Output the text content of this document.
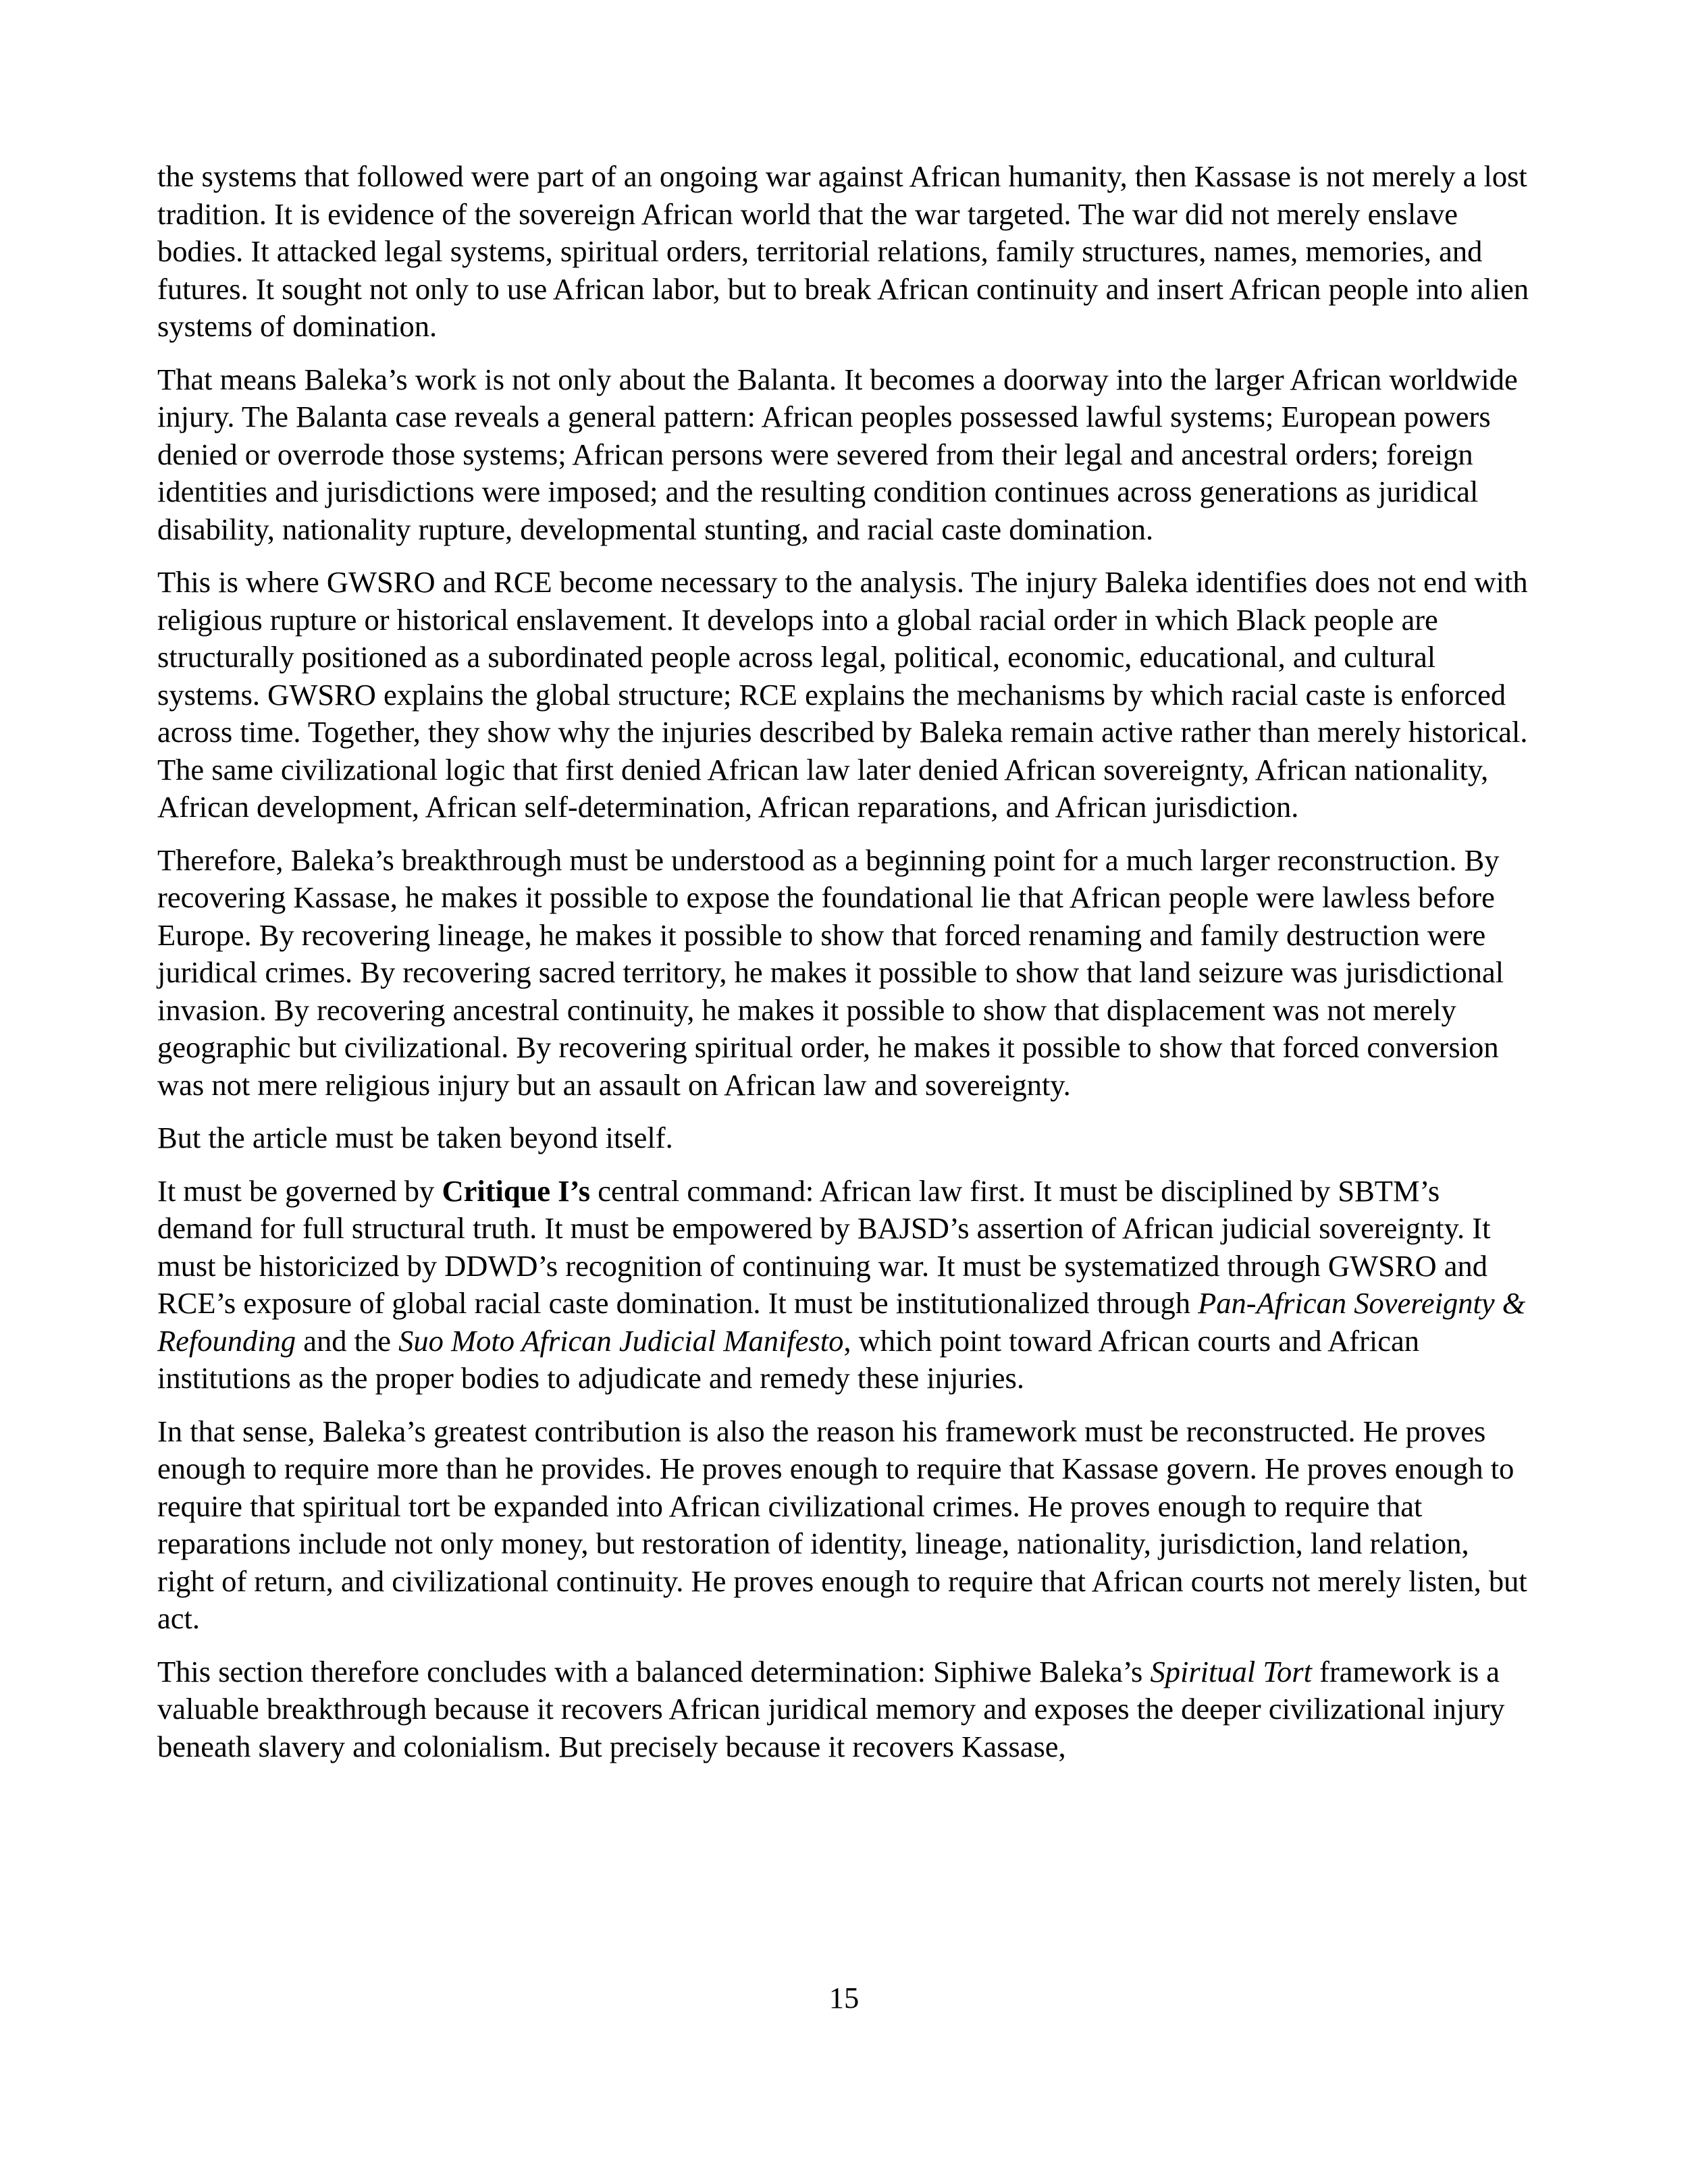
the systems that followed were part of an ongoing war against African humanity, then Kassase is not merely a lost tradition. It is evidence of the sovereign African world that the war targeted. The war did not merely enslave bodies. It attacked legal systems, spiritual orders, territorial relations, family structures, names, memories, and futures. It sought not only to use African labor, but to break African continuity and insert African people into alien systems of domination.

That means Baleka’s work is not only about the Balanta. It becomes a doorway into the larger African worldwide injury. The Balanta case reveals a general pattern: African peoples possessed lawful systems; European powers denied or overrode those systems; African persons were severed from their legal and ancestral orders; foreign identities and jurisdictions were imposed; and the resulting condition continues across generations as juridical disability, nationality rupture, developmental stunting, and racial caste domination.

This is where GWSRO and RCE become necessary to the analysis. The injury Baleka identifies does not end with religious rupture or historical enslavement. It develops into a global racial order in which Black people are structurally positioned as a subordinated people across legal, political, economic, educational, and cultural systems. GWSRO explains the global structure; RCE explains the mechanisms by which racial caste is enforced across time. Together, they show why the injuries described by Baleka remain active rather than merely historical. The same civilizational logic that first denied African law later denied African sovereignty, African nationality, African development, African self-determination, African reparations, and African jurisdiction.

Therefore, Baleka’s breakthrough must be understood as a beginning point for a much larger reconstruction. By recovering Kassase, he makes it possible to expose the foundational lie that African people were lawless before Europe. By recovering lineage, he makes it possible to show that forced renaming and family destruction were juridical crimes. By recovering sacred territory, he makes it possible to show that land seizure was jurisdictional invasion. By recovering ancestral continuity, he makes it possible to show that displacement was not merely geographic but civilizational. By recovering spiritual order, he makes it possible to show that forced conversion was not mere religious injury but an assault on African law and sovereignty.

But the article must be taken beyond itself.

It must be governed by Critique I’s central command: African law first. It must be disciplined by SBTM’s demand for full structural truth. It must be empowered by BAJSD’s assertion of African judicial sovereignty. It must be historicized by DDWD’s recognition of continuing war. It must be systematized through GWSRO and RCE’s exposure of global racial caste domination. It must be institutionalized through Pan-African Sovereignty & Refounding and the Suo Moto African Judicial Manifesto, which point toward African courts and African institutions as the proper bodies to adjudicate and remedy these injuries.

In that sense, Baleka’s greatest contribution is also the reason his framework must be reconstructed. He proves enough to require more than he provides. He proves enough to require that Kassase govern. He proves enough to require that spiritual tort be expanded into African civilizational crimes. He proves enough to require that reparations include not only money, but restoration of identity, lineage, nationality, jurisdiction, land relation, right of return, and civilizational continuity. He proves enough to require that African courts not merely listen, but act.

This section therefore concludes with a balanced determination: Siphiwe Baleka’s Spiritual Tort framework is a valuable breakthrough because it recovers African juridical memory and exposes the deeper civilizational injury beneath slavery and colonialism. But precisely because it recovers Kassase,

15
